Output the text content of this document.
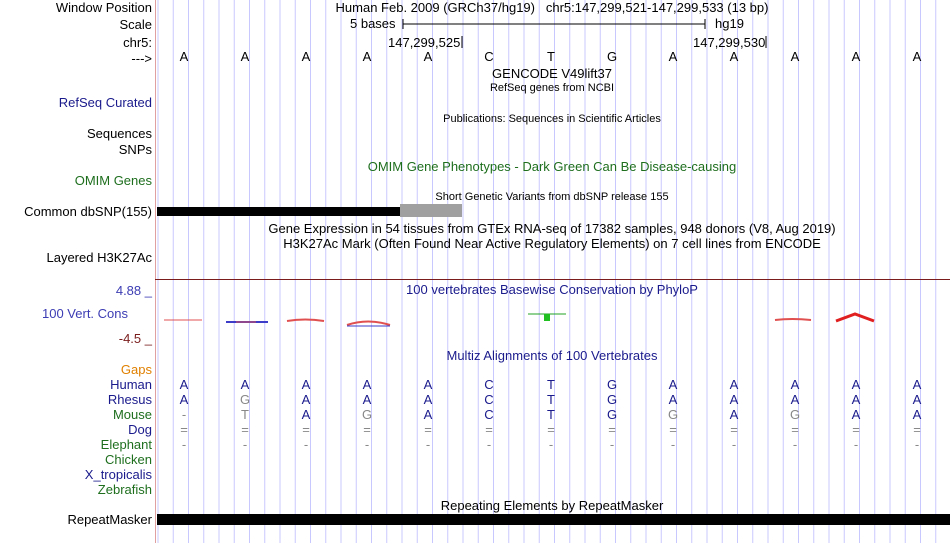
Window Position	Human Feb. 2009 (GRCh37/hg19) chr5:147,299,521-147,299,533 (13 bp)
Scale	5 bases	hg19
chr5:	147,299,525	147,299,530
---> A	A	A	A	A	C	T	G	A	A	A	A	A
GENCODE V49lift37
RefSeq genes from NCBI
RefSeq Curated
Publications: Sequences in Scientific Articles
Sequences
SNPs
OMIM Gene Phenotypes - Dark Green Can Be Disease-causing
OMIM Genes
Short Genetic Variants from dbSNP release 155
Common dbSNP(155)
Gene Expression in 54 tissues from GTEx RNA-seq of 17382 samples, 948 donors (V8, Aug 2019)
H3K27Ac Mark (Often Found Near Active Regulatory Elements) on 7 cell lines from ENCODE
Layered H3K27Ac
4.88 _	100 vertebrates Basewise Conservation by PhyloP
100 Vert. Cons
-4.5 _
Multiz Alignments of 100 Vertebrates
Gaps
Human A	A	A	A	A	C	T	G	A	A	A	A	A
Rhesus A	G	A	A	A	C	T	G	A	A	A	A	A
Mouse	-	T	A	G	A	C	T	G	G	A	G	A	A
Dog	=	=	=	=	=	=	=	=	=	=	=	=	=
Elephant	-	-	-	-	-	-	-	-	-	-	-	-	-
Chicken
X_tropicalis
Zebrafish
Repeating Elements by RepeatMasker
RepeatMasker
